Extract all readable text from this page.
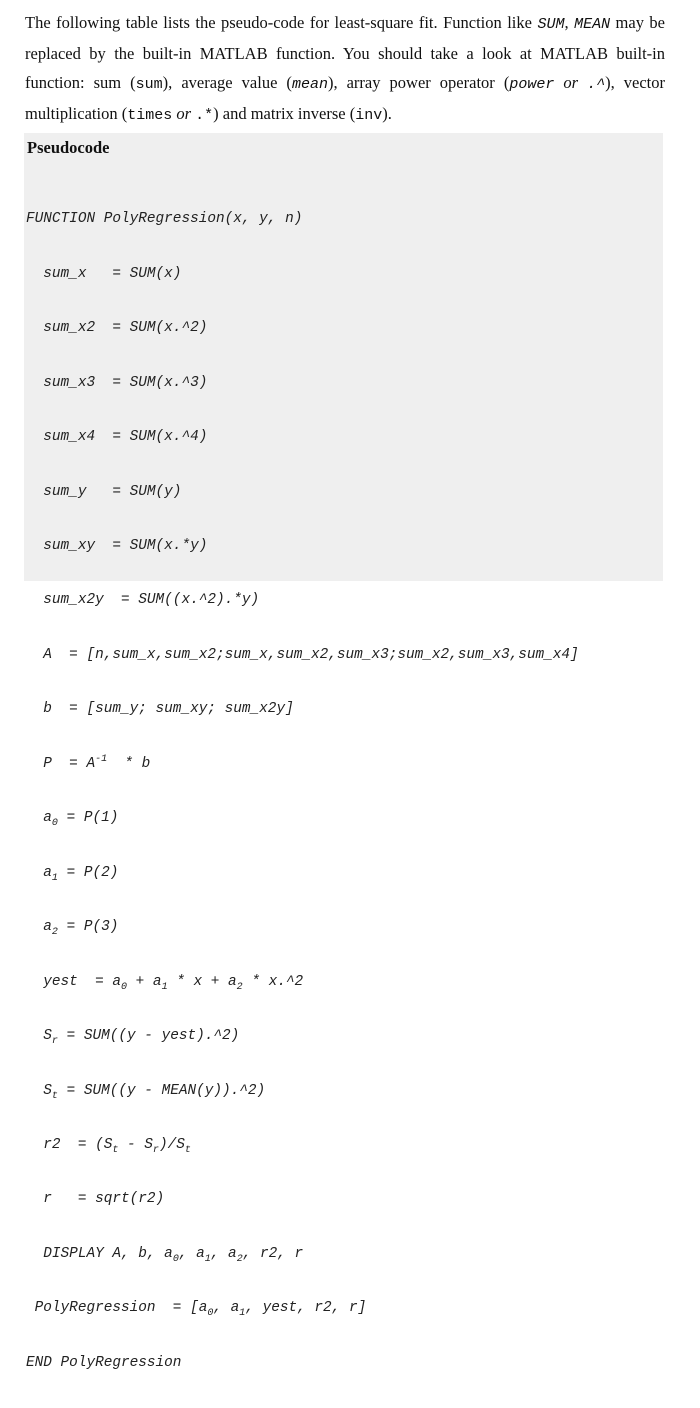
The following table lists the pseudo-code for least-square fit. Function like SUM, MEAN may be replaced by the built-in MATLAB function. You should take a look at MATLAB built-in function: sum (sum), average value (mean), array power operator (power or .^), vector multiplication (times or .*) and matrix inverse (inv).
Pseudocode

FUNCTION PolyRegression(x, y, n)

sum_x   = SUM(x)

sum_x2  = SUM(x.^2)

sum_x3  = SUM(x.^3)

sum_x4  = SUM(x.^4)

sum_y   = SUM(y)

sum_xy  = SUM(x.*y)

sum_x2y  = SUM((x.^2).*y)

A  = [n,sum_x,sum_x2;sum_x,sum_x2,sum_x3;sum_x2,sum_x3,sum_x4]

b  = [sum_y; sum_xy; sum_x2y]

$P = A^{-1} * b$

$a_0 = P(1)$

$a_1 = P(2)$

$a_2 = P(3)$

yest  = $a_0 + a_1 * x + a_2$ * x.^2

$S_r = SUM((y$ - yest).^2)

$S_t = SUM((y$ - MEAN(y)).^2)

$r2 = (S_t - S_r)/S_t$

r   = sqrt(r2)

DISPLAY A, b, $a_0$, $a_1$, $a_2$, r2, r

PolyRegression  = [$a_0$, $a_1$, yest, r2, r]

END PolyRegression
